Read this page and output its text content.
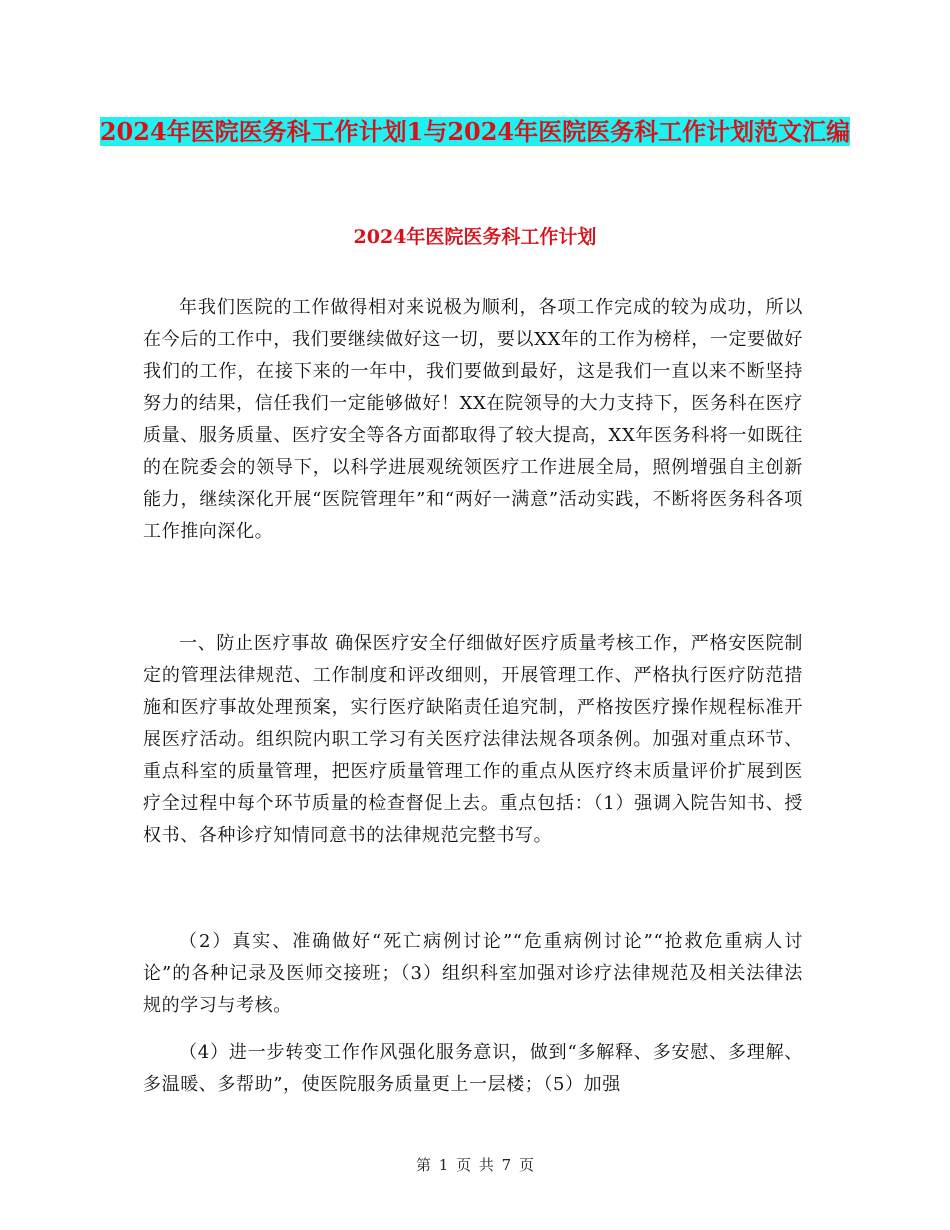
2024年医院医务科工作计划1与2024年医院医务科工作计划范文汇编
2024年医院医务科工作计划

年我们医院的工作做得相对来说极为顺利，各项工作完成的较为成功，所以在今后的工作中，我们要继续做好这一切，要以XX年的工作为榜样，一定要做好我们的工作，在接下来的一年中，我们要做到最好，这是我们一直以来不断坚持努力的结果，信任我们一定能够做好！XX在院领导的大力支持下，医务科在医疗质量、服务质量、医疗安全等各方面都取得了较大提高，XX年医务科将一如既往的在院委会的领导下，以科学进展观统领医疗工作进展全局，照例增强自主创新能力，继续深化开展“医院管理年”和“两好一满意”活动实践，不断将医务科各项工作推向深化。

一、防止医疗事故 确保医疗安全仔细做好医疗质量考核工作，严格安医院制定的管理法律规范、工作制度和评改细则，开展管理工作、严格执行医疗防范措施和医疗事故处理预案，实行医疗缺陷责任追究制，严格按医疗操作规程标准开展医疗活动。组织院内职工学习有关医疗法律法规各项条例。加强对重点环节、重点科室的质量管理，把医疗质量管理工作的重点从医疗终末质量评价扩展到医疗全过程中每个环节质量的检查督促上去。重点包括：（1）强调入院告知书、授权书、各种诊疗知情同意书的法律规范完整书写。

（2）真实、准确做好“死亡病例讨论”“危重病例讨论”“抢救危重病人讨论”的各种记录及医师交接班；（3）组织科室加强对诊疗法律规范及相关法律法规的学习与考核。

（4）进一步转变工作作风强化服务意识，做到“多解释、多安慰、多理解、多温暖、多帮助”，使医院服务质量更上一层楼；（5）加强

第 1 页 共 7 页
